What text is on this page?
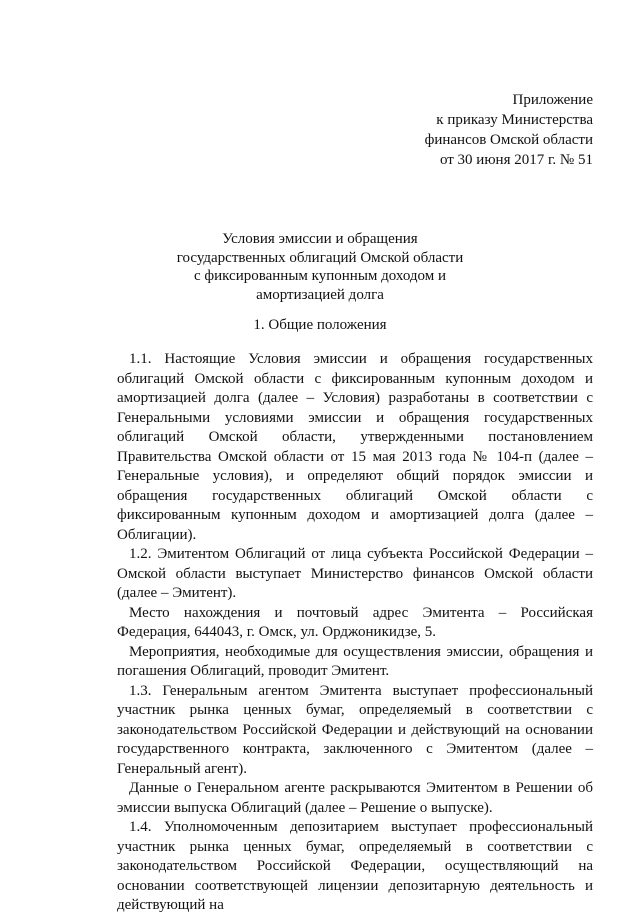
Приложение
к приказу Министерства
финансов Омской области
от 30 июня 2017 г. № 51
Условия эмиссии и обращения
государственных облигаций Омской области
с фиксированным купонным доходом и
амортизацией долга
1. Общие положения

1.1. Настоящие Условия эмиссии и обращения государственных облигаций Омской области с фиксированным купонным доходом и амортизацией долга (далее – Условия) разработаны в соответствии с Генеральными условиями эмиссии и обращения государственных облигаций Омской области, утвержденными постановлением Правительства Омской области от 15 мая 2013 года № 104-п (далее – Генеральные условия), и определяют общий порядок эмиссии и обращения государственных облигаций Омской области с фиксированным купонным доходом и амортизацией долга (далее – Облигации).

1.2. Эмитентом Облигаций от лица субъекта Российской Федерации – Омской области выступает Министерство финансов Омской области (далее – Эмитент).

Место нахождения и почтовый адрес Эмитента – Российская Федерация, 644043, г. Омск, ул. Орджоникидзе, 5.

Мероприятия, необходимые для осуществления эмиссии, обращения и погашения Облигаций, проводит Эмитент.

1.3. Генеральным агентом Эмитента выступает профессиональный участник рынка ценных бумаг, определяемый в соответствии с законодательством Российской Федерации и действующий на основании государственного контракта, заключенного с Эмитентом (далее – Генеральный агент).

Данные о Генеральном агенте раскрываются Эмитентом в Решении об эмиссии выпуска Облигаций (далее – Решение о выпуске).

1.4. Уполномоченным депозитарием выступает профессиональный участник рынка ценных бумаг, определяемый в соответствии с законодательством Российской Федерации, осуществляющий на основании соответствующей лицензии депозитарную деятельность и действующий на
